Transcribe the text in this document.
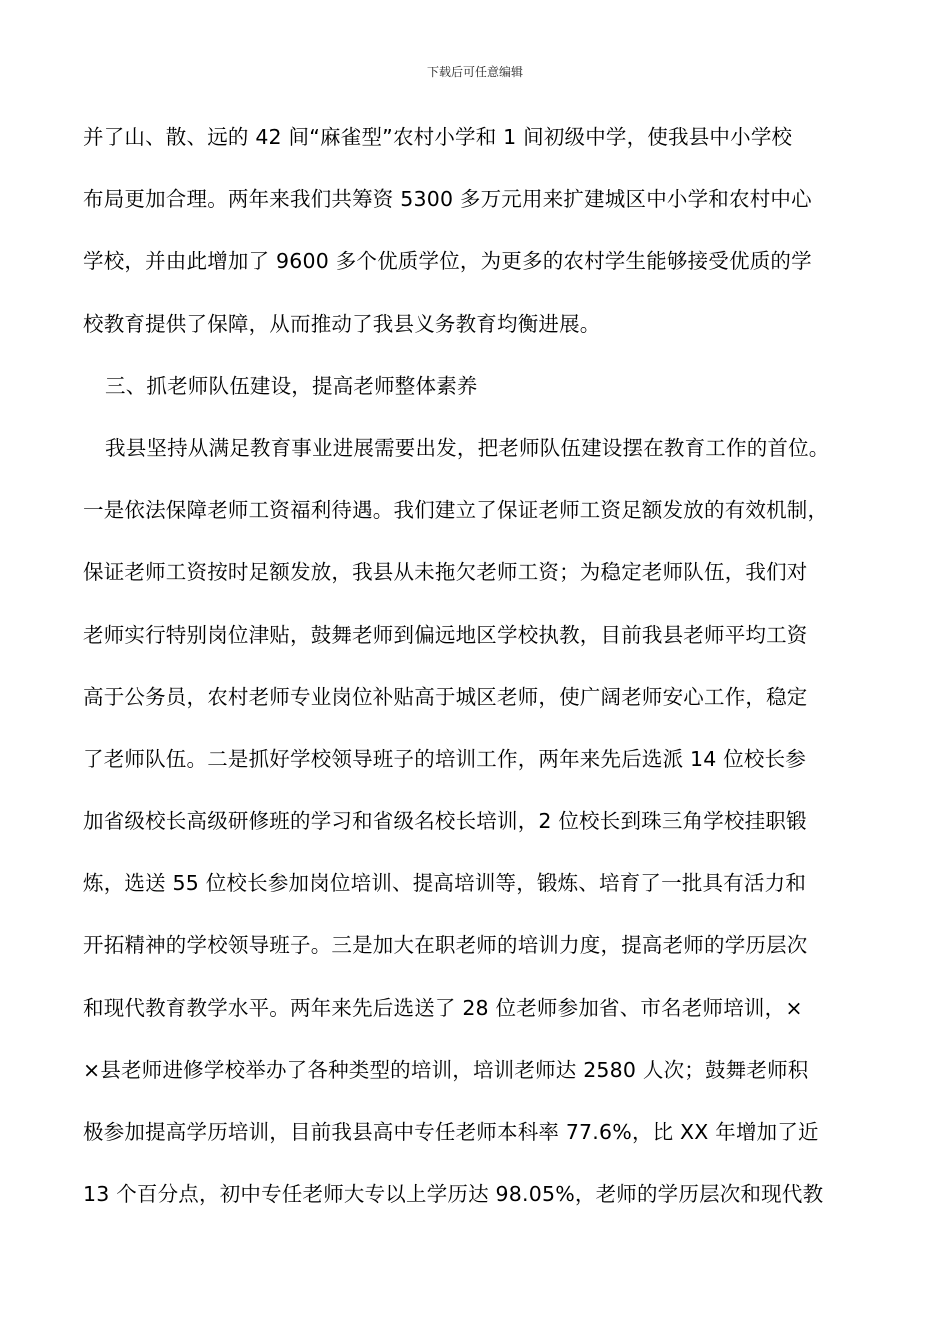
下载后可任意编辑
并了山、散、远的 42 间“麻雀型”农村小学和 1 间初级中学，使我县中小学校
布局更加合理。两年来我们共筹资 5300 多万元用来扩建城区中小学和农村中心
学校，并由此增加了 9600 多个优质学位，为更多的农村学生能够接受优质的学
校教育提供了保障，从而推动了我县义务教育均衡进展。
三、抓老师队伍建设，提高老师整体素养
我县坚持从满足教育事业进展需要出发，把老师队伍建设摆在教育工作的首位。
一是依法保障老师工资福利待遇。我们建立了保证老师工资足额发放的有效机制，
保证老师工资按时足额发放，我县从未拖欠老师工资；为稳定老师队伍，我们对
老师实行特别岗位津贴，鼓舞老师到偏远地区学校执教，目前我县老师平均工资
高于公务员，农村老师专业岗位补贴高于城区老师，使广阔老师安心工作，稳定
了老师队伍。二是抓好学校领导班子的培训工作，两年来先后选派 14 位校长参
加省级校长高级研修班的学习和省级名校长培训，2 位校长到珠三角学校挂职锻
炼，选送 55 位校长参加岗位培训、提高培训等，锻炼、培育了一批具有活力和
开拓精神的学校领导班子。三是加大在职老师的培训力度，提高老师的学历层次
和现代教育教学水平。两年来先后选送了 28 位老师参加省、市名老师培训，×
×县老师进修学校举办了各种类型的培训，培训老师达 2580 人次；鼓舞老师积
极参加提高学历培训，目前我县高中专任老师本科率 77.6%，比 XX 年增加了近
13 个百分点，初中专任老师大专以上学历达 98.05%，老师的学历层次和现代教
